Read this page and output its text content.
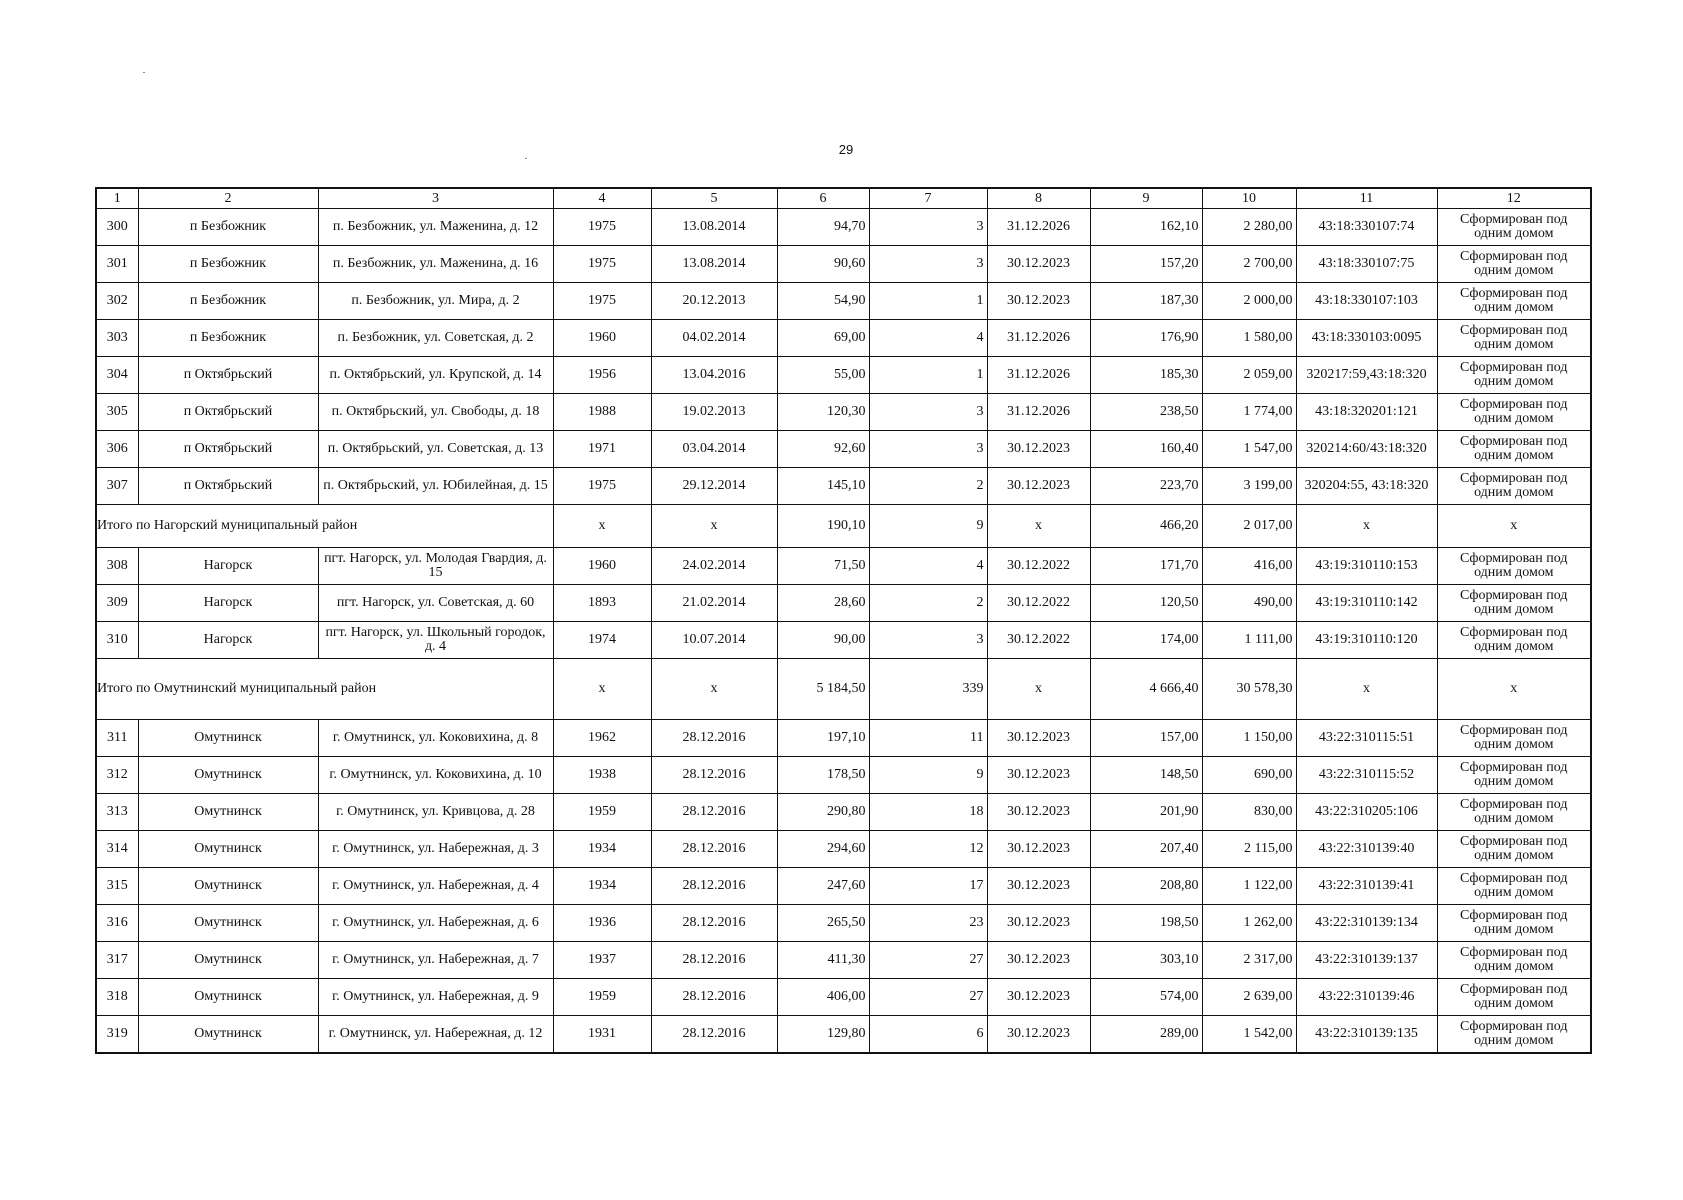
29
1	2	3	4	5	6	7	8	9	10	11	12
300	п Безбожник	п. Безбожник, ул. Маженина, д. 12	1975	13.08.2014	94,70	3	31.12.2026	162,10	2 280,00	43:18:330107:74	Сформирован под одним домом
301	п Безбожник	п. Безбожник, ул. Маженина, д. 16	1975	13.08.2014	90,60	3	30.12.2023	157,20	2 700,00	43:18:330107:75	Сформирован под одним домом
302	п Безбожник	п. Безбожник, ул. Мира, д. 2	1975	20.12.2013	54,90	1	30.12.2023	187,30	2 000,00	43:18:330107:103	Сформирован под одним домом
303	п Безбожник	п. Безбожник, ул. Советская, д. 2	1960	04.02.2014	69,00	4	31.12.2026	176,90	1 580,00	43:18:330103:0095	Сформирован под одним домом
304	п Октябрьский	п. Октябрьский, ул. Крупской, д. 14	1956	13.04.2016	55,00	1	31.12.2026	185,30	2 059,00	320217:59,43:18:320	Сформирован под одним домом
305	п Октябрьский	п. Октябрьский, ул. Свободы, д. 18	1988	19.02.2013	120,30	3	31.12.2026	238,50	1 774,00	43:18:320201:121	Сформирован под одним домом
306	п Октябрьский	п. Октябрьский, ул. Советская, д. 13	1971	03.04.2014	92,60	3	30.12.2023	160,40	1 547,00	320214:60/43:18:320	Сформирован под одним домом
307	п Октябрьский	п. Октябрьский, ул. Юбилейная, д. 15	1975	29.12.2014	145,10	2	30.12.2023	223,70	3 199,00	320204:55, 43:18:320	Сформирован под одним домом
Итого по Нагорский муниципальный район			x	x	190,10	9	x	466,20	2 017,00	x	x
308	Нагорск	пгт. Нагорск, ул. Молодая Гвардия, д. 15	1960	24.02.2014	71,50	4	30.12.2022	171,70	416,00	43:19:310110:153	Сформирован под одним домом
309	Нагорск	пгт. Нагорск, ул. Советская, д. 60	1893	21.02.2014	28,60	2	30.12.2022	120,50	490,00	43:19:310110:142	Сформирован под одним домом
310	Нагорск	пгт. Нагорск, ул. Школьный городок, д. 4	1974	10.07.2014	90,00	3	30.12.2022	174,00	1 111,00	43:19:310110:120	Сформирован под одним домом
Итого по Омутнинский муниципальный район			x	x	5 184,50	339	x	4 666,40	30 578,30	x	x
311	Омутнинск	г. Омутнинск, ул. Коковихина, д. 8	1962	28.12.2016	197,10	11	30.12.2023	157,00	1 150,00	43:22:310115:51	Сформирован под одним домом
312	Омутнинск	г. Омутнинск, ул. Коковихина, д. 10	1938	28.12.2016	178,50	9	30.12.2023	148,50	690,00	43:22:310115:52	Сформирован под одним домом
313	Омутнинск	г. Омутнинск, ул. Кривцова, д. 28	1959	28.12.2016	290,80	18	30.12.2023	201,90	830,00	43:22:310205:106	Сформирован под одним домом
314	Омутнинск	г. Омутнинск, ул. Набережная, д. 3	1934	28.12.2016	294,60	12	30.12.2023	207,40	2 115,00	43:22:310139:40	Сформирован под одним домом
315	Омутнинск	г. Омутнинск, ул. Набережная, д. 4	1934	28.12.2016	247,60	17	30.12.2023	208,80	1 122,00	43:22:310139:41	Сформирован под одним домом
316	Омутнинск	г. Омутнинск, ул. Набережная, д. 6	1936	28.12.2016	265,50	23	30.12.2023	198,50	1 262,00	43:22:310139:134	Сформирован под одним домом
317	Омутнинск	г. Омутнинск, ул. Набережная, д. 7	1937	28.12.2016	411,30	27	30.12.2023	303,10	2 317,00	43:22:310139:137	Сформирован под одним домом
318	Омутнинск	г. Омутнинск, ул. Набережная, д. 9	1959	28.12.2016	406,00	27	30.12.2023	574,00	2 639,00	43:22:310139:46	Сформирован под одним домом
319	Омутнинск	г. Омутнинск, ул. Набережная, д. 12	1931	28.12.2016	129,80	6	30.12.2023	289,00	1 542,00	43:22:310139:135	Сформирован под одним домом
